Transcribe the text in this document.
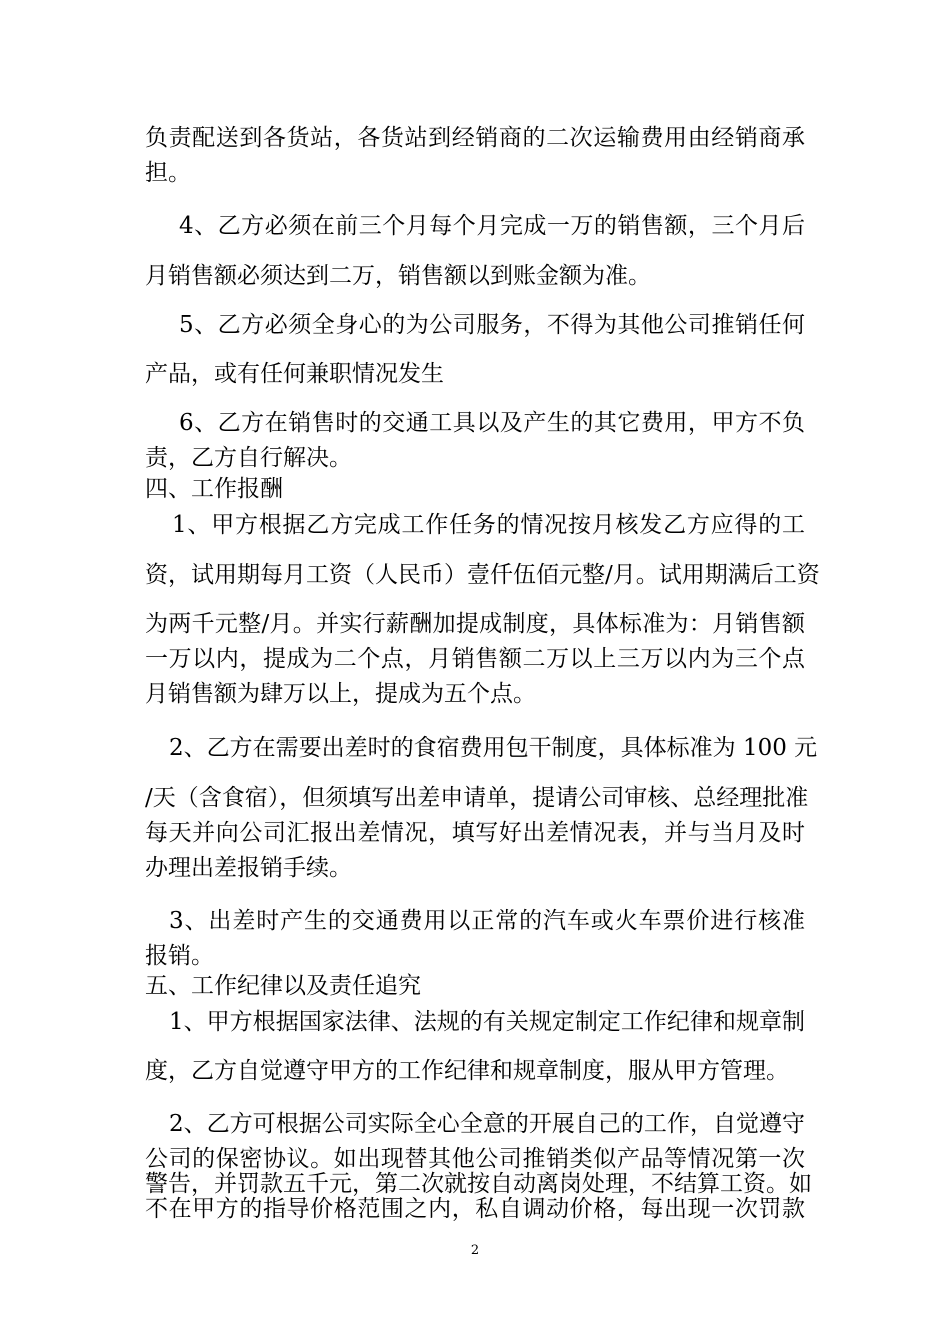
负责配送到各货站，各货站到经销商的二次运输费用由经销商承
担。
4、乙方必须在前三个月每个月完成一万的销售额，三个月后
月销售额必须达到二万，销售额以到账金额为准。
5、乙方必须全身心的为公司服务，不得为其他公司推销任何
产品，或有任何兼职情况发生
6、乙方在销售时的交通工具以及产生的其它费用，甲方不负
责，乙方自行解决。
四、工作报酬
1、甲方根据乙方完成工作任务的情况按月核发乙方应得的工
资，试用期每月工资（人民币）壹仟伍佰元整/月。试用期满后工资
为两千元整/月。并实行薪酬加提成制度，具体标准为：月销售额
一万以内，提成为二个点，月销售额二万以上三万以内为三个点
月销售额为肆万以上，提成为五个点。
2、乙方在需要出差时的食宿费用包干制度，具体标准为 100 元
/天（含食宿），但须填写出差申请单，提请公司审核、总经理批准
每天并向公司汇报出差情况，填写好出差情况表，并与当月及时
办理出差报销手续。
3、出差时产生的交通费用以正常的汽车或火车票价进行核准
报销。
五、工作纪律以及责任追究
1、甲方根据国家法律、法规的有关规定制定工作纪律和规章制
度，乙方自觉遵守甲方的工作纪律和规章制度，服从甲方管理。
2、乙方可根据公司实际全心全意的开展自己的工作，自觉遵守
公司的保密协议。如出现替其他公司推销类似产品等情况第一次
警告，并罚款五千元，第二次就按自动离岗处理，不结算工资。如
不在甲方的指导价格范围之内，私自调动价格，每出现一次罚款
2
